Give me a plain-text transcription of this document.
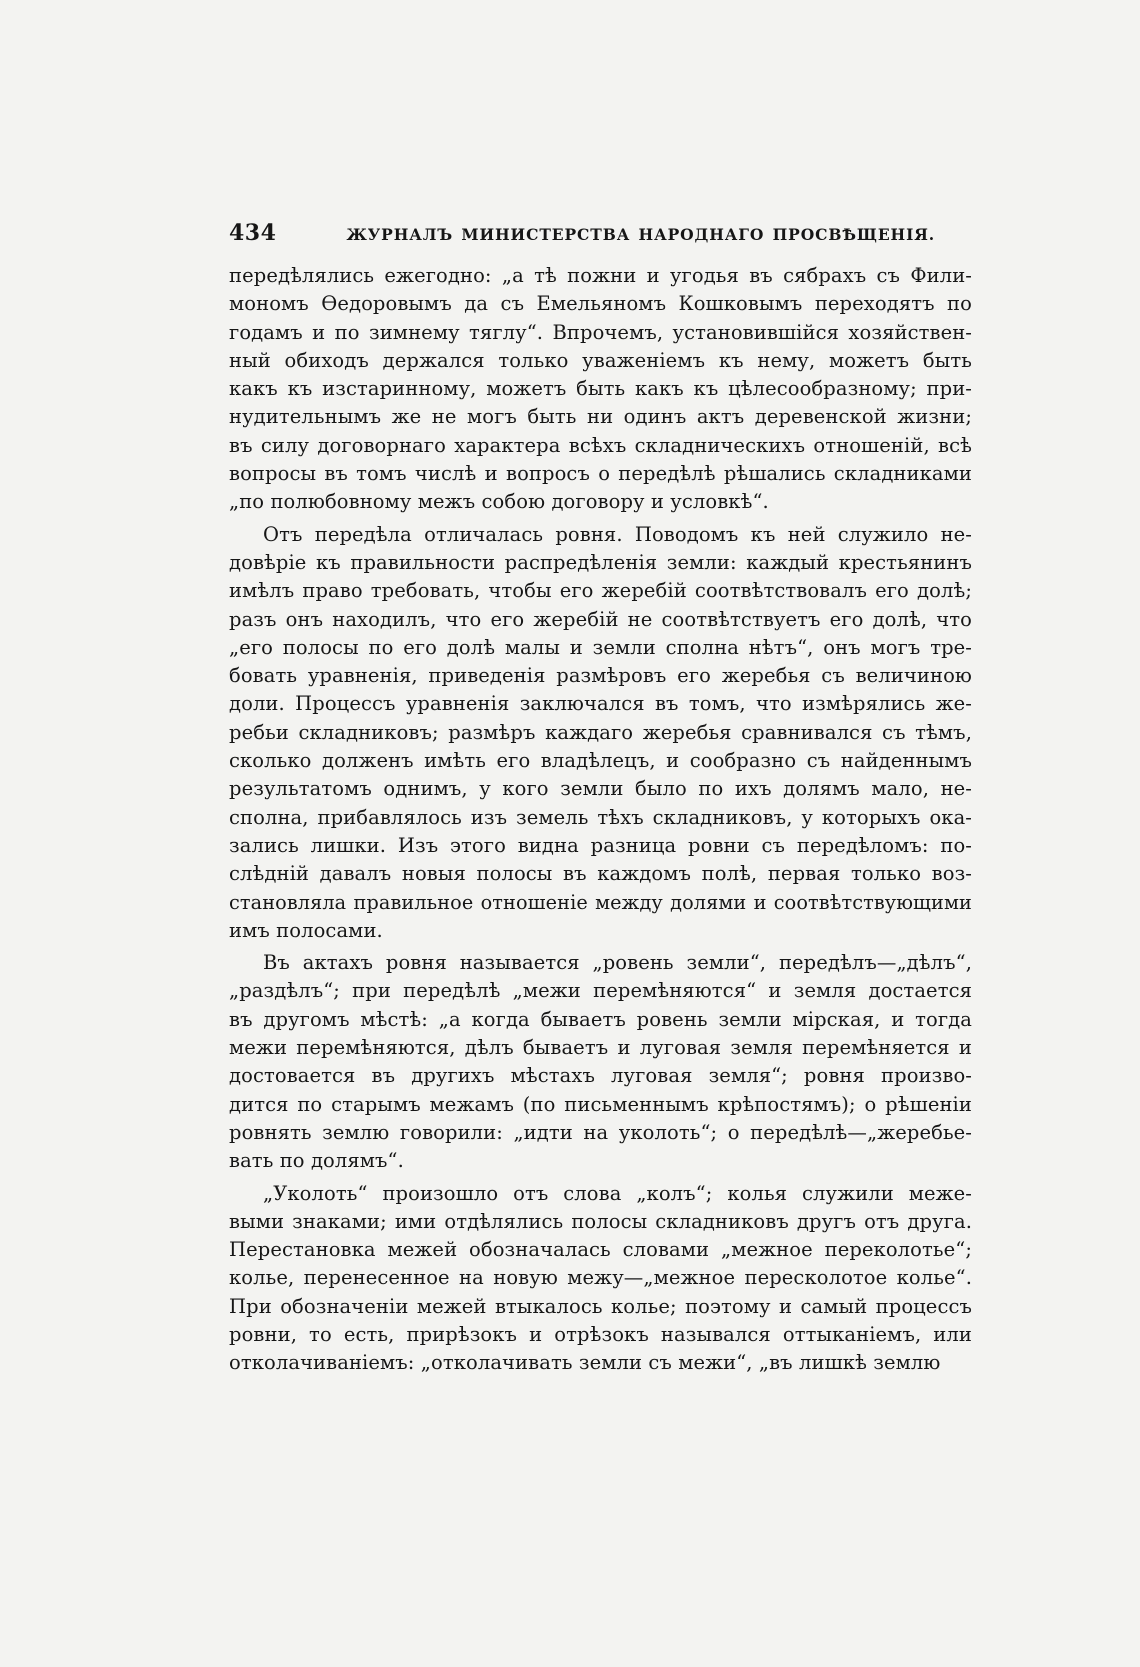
434	ЖУРНАЛЪ МИНИСТЕРСТВА НАРОДНАГО ПРОСВѢЩЕНІЯ.
передѣлялись ежегодно: „а тѣ пожни и угодья въ сябрахъ съ Фили-
мономъ Ѳедоровымъ да съ Емельяномъ Кошковымъ переходятъ по
годамъ и по зимнему тяглу“. Впрочемъ, установившійся хозяйствен-
ный обиходъ держался только уваженіемъ къ нему, можетъ быть
какъ къ изстаринному, можетъ быть какъ къ цѣлесообразному; при-
нудительнымъ же не могъ быть ни одинъ актъ деревенской жизни;
въ силу договорнаго характера всѣхъ складническихъ отношеній, всѣ
вопросы въ томъ числѣ и вопросъ о передѣлѣ рѣшались складниками
„по полюбовному межъ собою договору и условкѣ“.
Отъ передѣла отличалась ровня. Поводомъ къ ней служило не-
довѣріе къ правильности распредѣленія земли: каждый крестьянинъ
имѣлъ право требовать, чтобы его жеребій соотвѣтствовалъ его долѣ;
разъ онъ находилъ, что его жеребій не соотвѣтствуетъ его долѣ, что
„его полосы по его долѣ малы и земли сполна нѣтъ“, онъ могъ тре-
бовать уравненія, приведенія размѣровъ его жеребья съ величиною
доли. Процессъ уравненія заключался въ томъ, что измѣрялись же-
ребьи складниковъ; размѣръ каждаго жеребья сравнивался съ тѣмъ,
сколько долженъ имѣть его владѣлецъ, и сообразно съ найденнымъ
результатомъ однимъ, у кого земли было по ихъ долямъ мало, не-
сполна, прибавлялось изъ земель тѣхъ складниковъ, у которыхъ ока-
зались лишки. Изъ этого видна разница ровни съ передѣломъ: по-
слѣдній давалъ новыя полосы въ каждомъ полѣ, первая только воз-
становляла правильное отношеніе между долями и соотвѣтствующими
имъ полосами.
Въ актахъ ровня называется „ровень земли“, передѣлъ—„дѣлъ“,
„раздѣлъ“; при передѣлѣ „межи перемѣняются“ и земля достается
въ другомъ мѣстѣ: „а когда бываетъ ровень земли мірская, и тогда
межи перемѣняются, дѣлъ бываетъ и луговая земля перемѣняется и
достовается въ другихъ мѣстахъ луговая земля“; ровня произво-
дится по старымъ межамъ (по письменнымъ крѣпостямъ); о рѣшеніи
ровнять землю говорили: „идти на уколоть“; о передѣлѣ—„жеребье-
вать по долямъ“.
„Уколоть“ произошло отъ слова „колъ“; колья служили меже-
выми знаками; ими отдѣлялись полосы складниковъ другъ отъ друга.
Перестановка межей обозначалась словами „межное переколотье“;
колье, перенесенное на новую межу—„межное пересколотое колье“.
При обозначеніи межей втыкалось колье; поэтому и самый процессъ
ровни, то есть, прирѣзокъ и отрѣзокъ назывался оттыканіемъ, или
отколачиваніемъ: „отколачивать земли съ межи“, „въ лишкѣ землю
